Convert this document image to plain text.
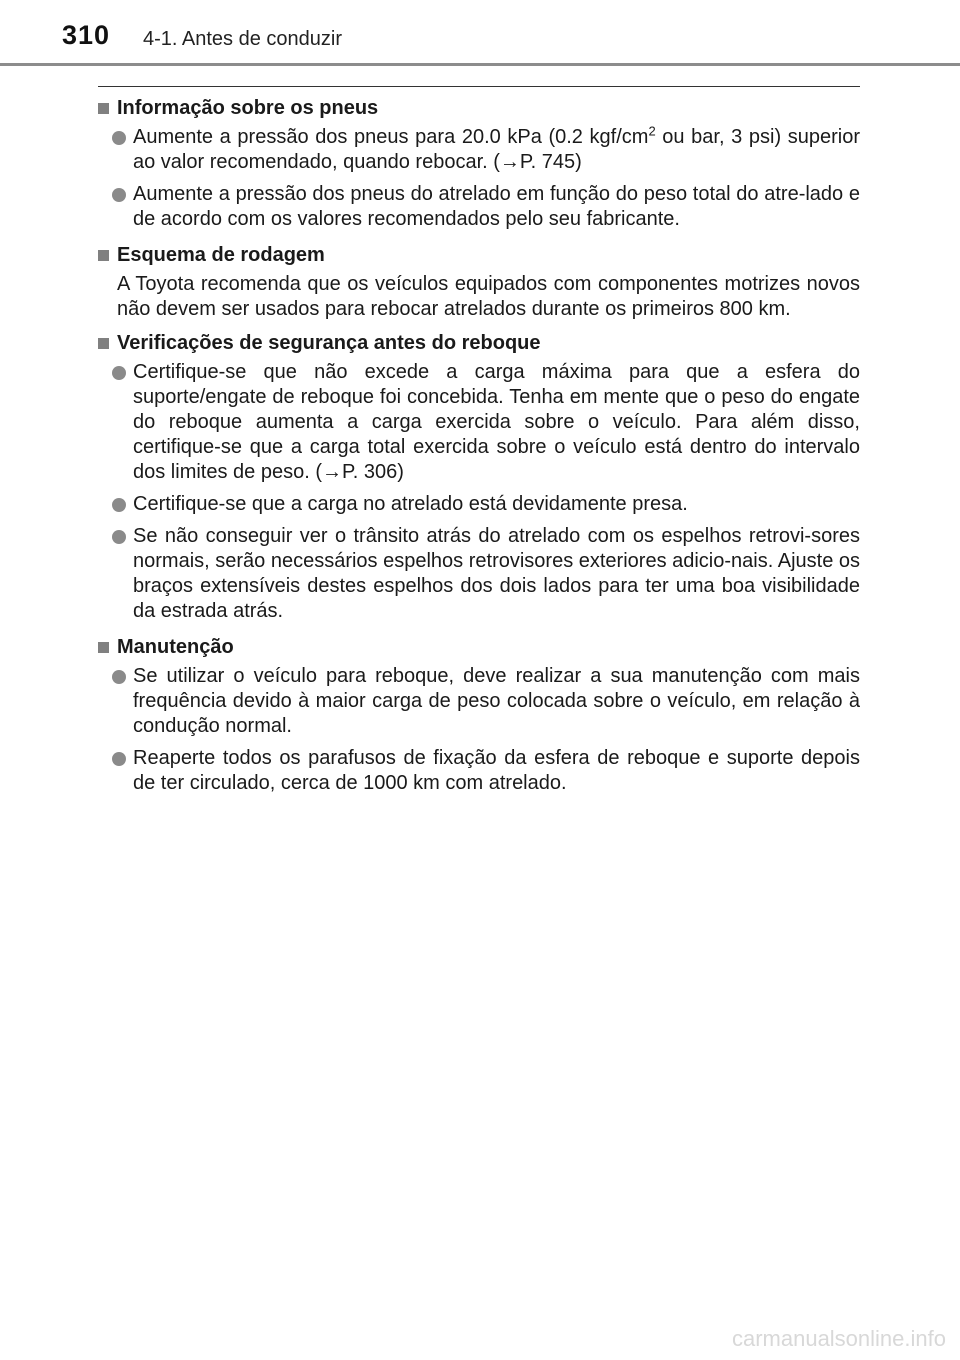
310 4-1. Antes de conduzir
Informação sobre os pneus
Aumente a pressão dos pneus para 20.0 kPa (0.2 kgf/$cm^2$ ou bar, 3 psi) superior ao valor recomendado, quando rebocar. (→P. 745)
Aumente a pressão dos pneus do atrelado em função do peso total do atre-lado e de acordo com os valores recomendados pelo seu fabricante.
Esquema de rodagem
A Toyota recomenda que os veículos equipados com componentes motrizes novos não devem ser usados para rebocar atrelados durante os primeiros 800 km.
Verificações de segurança antes do reboque
Certifique-se que não excede a carga máxima para que a esfera do suporte/engate de reboque foi concebida. Tenha em mente que o peso do engate do reboque aumenta a carga exercida sobre o veículo. Para além disso, certifique-se que a carga total exercida sobre o veículo está dentro do intervalo dos limites de peso. (→P. 306)
Certifique-se que a carga no atrelado está devidamente presa.
Se não conseguir ver o trânsito atrás do atrelado com os espelhos retrovi-sores normais, serão necessários espelhos retrovisores exteriores adicio-nais. Ajuste os braços extensíveis destes espelhos dos dois lados para ter uma boa visibilidade da estrada atrás.
Manutenção
Se utilizar o veículo para reboque, deve realizar a sua manutenção com mais frequência devido à maior carga de peso colocada sobre o veículo, em relação à condução normal.
Reaperte todos os parafusos de fixação da esfera de reboque e suporte depois de ter circulado, cerca de 1000 km com atrelado.
carmanualsonline.info
